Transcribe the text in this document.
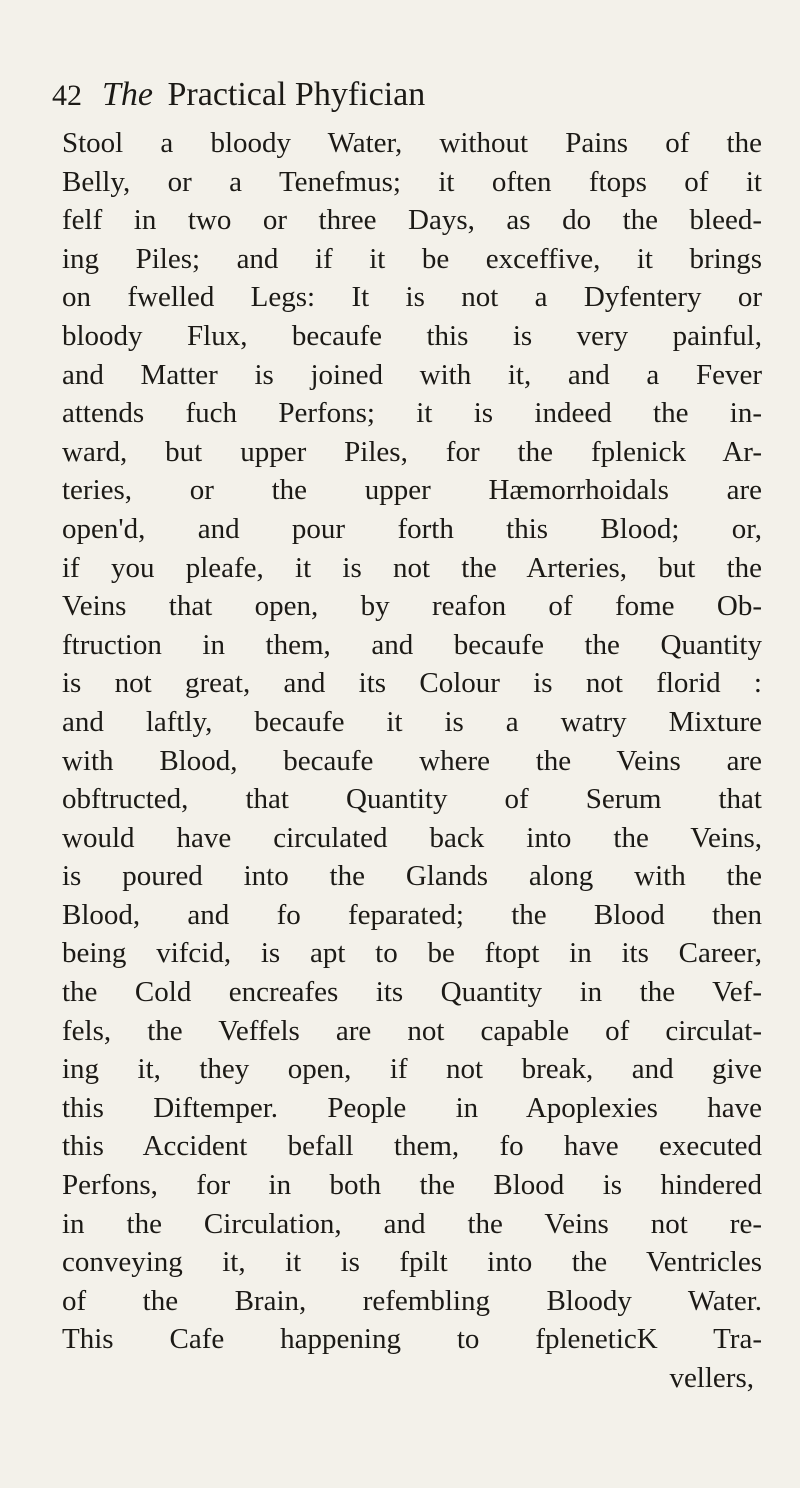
42 The Practical Phyfician
Stool a bloody Water, without Pains of the
Belly, or a Tenefmus; it often ftops of it
felf in two or three Days, as do the bleed-
ing Piles; and if it be exceffive, it brings
on fwelled Legs: It is not a Dyfentery or
bloody Flux, becaufe this is very painful,
and Matter is joined with it, and a Fever
attends fuch Perfons; it is indeed the in-
ward, but upper Piles, for the fplenick Ar-
teries, or the upper Hæmorrhoidals are
open'd, and pour forth this Blood; or,
if you pleafe, it is not the Arteries, but the
Veins that open, by reafon of fome Ob-
ftruction in them, and becaufe the Quantity
is not great, and its Colour is not florid :
and laftly, becaufe it is a watry Mixture
with Blood, becaufe where the Veins are
obftructed, that Quantity of Serum that
would have circulated back into the Veins,
is poured into the Glands along with the
Blood, and fo feparated; the Blood then
being vifcid, is apt to be ftopt in its Career,
the Cold encreafes its Quantity in the Vef-
fels, the Veffels are not capable of circulat-
ing it, they open, if not break, and give
this Diftemper. People in Apoplexies have
this Accident befall them, fo have executed
Perfons, for in both the Blood is hindered
in the Circulation, and the Veins not re-
conveying it, it is fpilt into the Ventricles
of the Brain, refembling Bloody Water.
This Cafe happening to fpleneticK Tra-
vellers,
